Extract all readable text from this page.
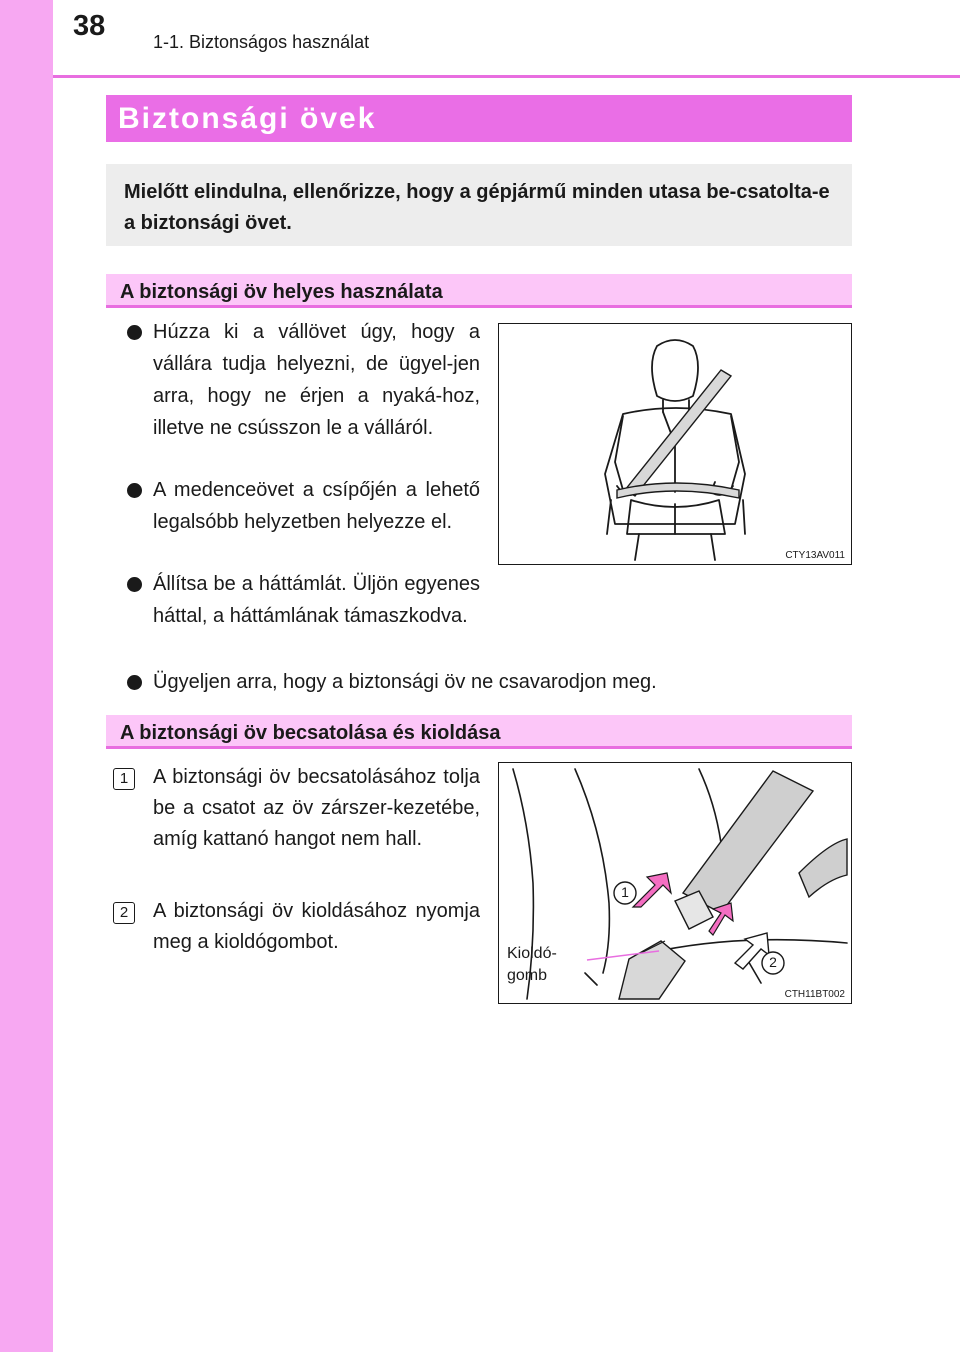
38	1-1. Biztonságos használat
Biztonsági övek
Mielőtt elindulna, ellenőrizze, hogy a gépjármű minden utasa be-csatolta-e a biztonsági övet.
A biztonsági öv helyes használata
Húzza ki a vállövet úgy, hogy a vállára tudja helyezni, de ügyel-jen arra, hogy ne érjen a nyaká-hoz, illetve ne csússzon le a válláról.
A medenceövet a csípőjén a lehető legalsóbb helyzetben helyezze el.
Állítsa be a háttámlát. Üljön egyenes háttal, a háttámlának támaszkodva.
Ügyeljen arra, hogy a biztonsági öv ne csavarodjon meg.
CTY13AV011
A biztonsági öv becsatolása és kioldása
1	A biztonsági öv becsatolásához tolja be a csatot az öv zárszer-kezetébe, amíg kattanó hangot nem hall.
2	A biztonsági öv kioldásához nyomja meg a kioldógombot.
1
2
Kioldó-gomb
CTH11BT002
